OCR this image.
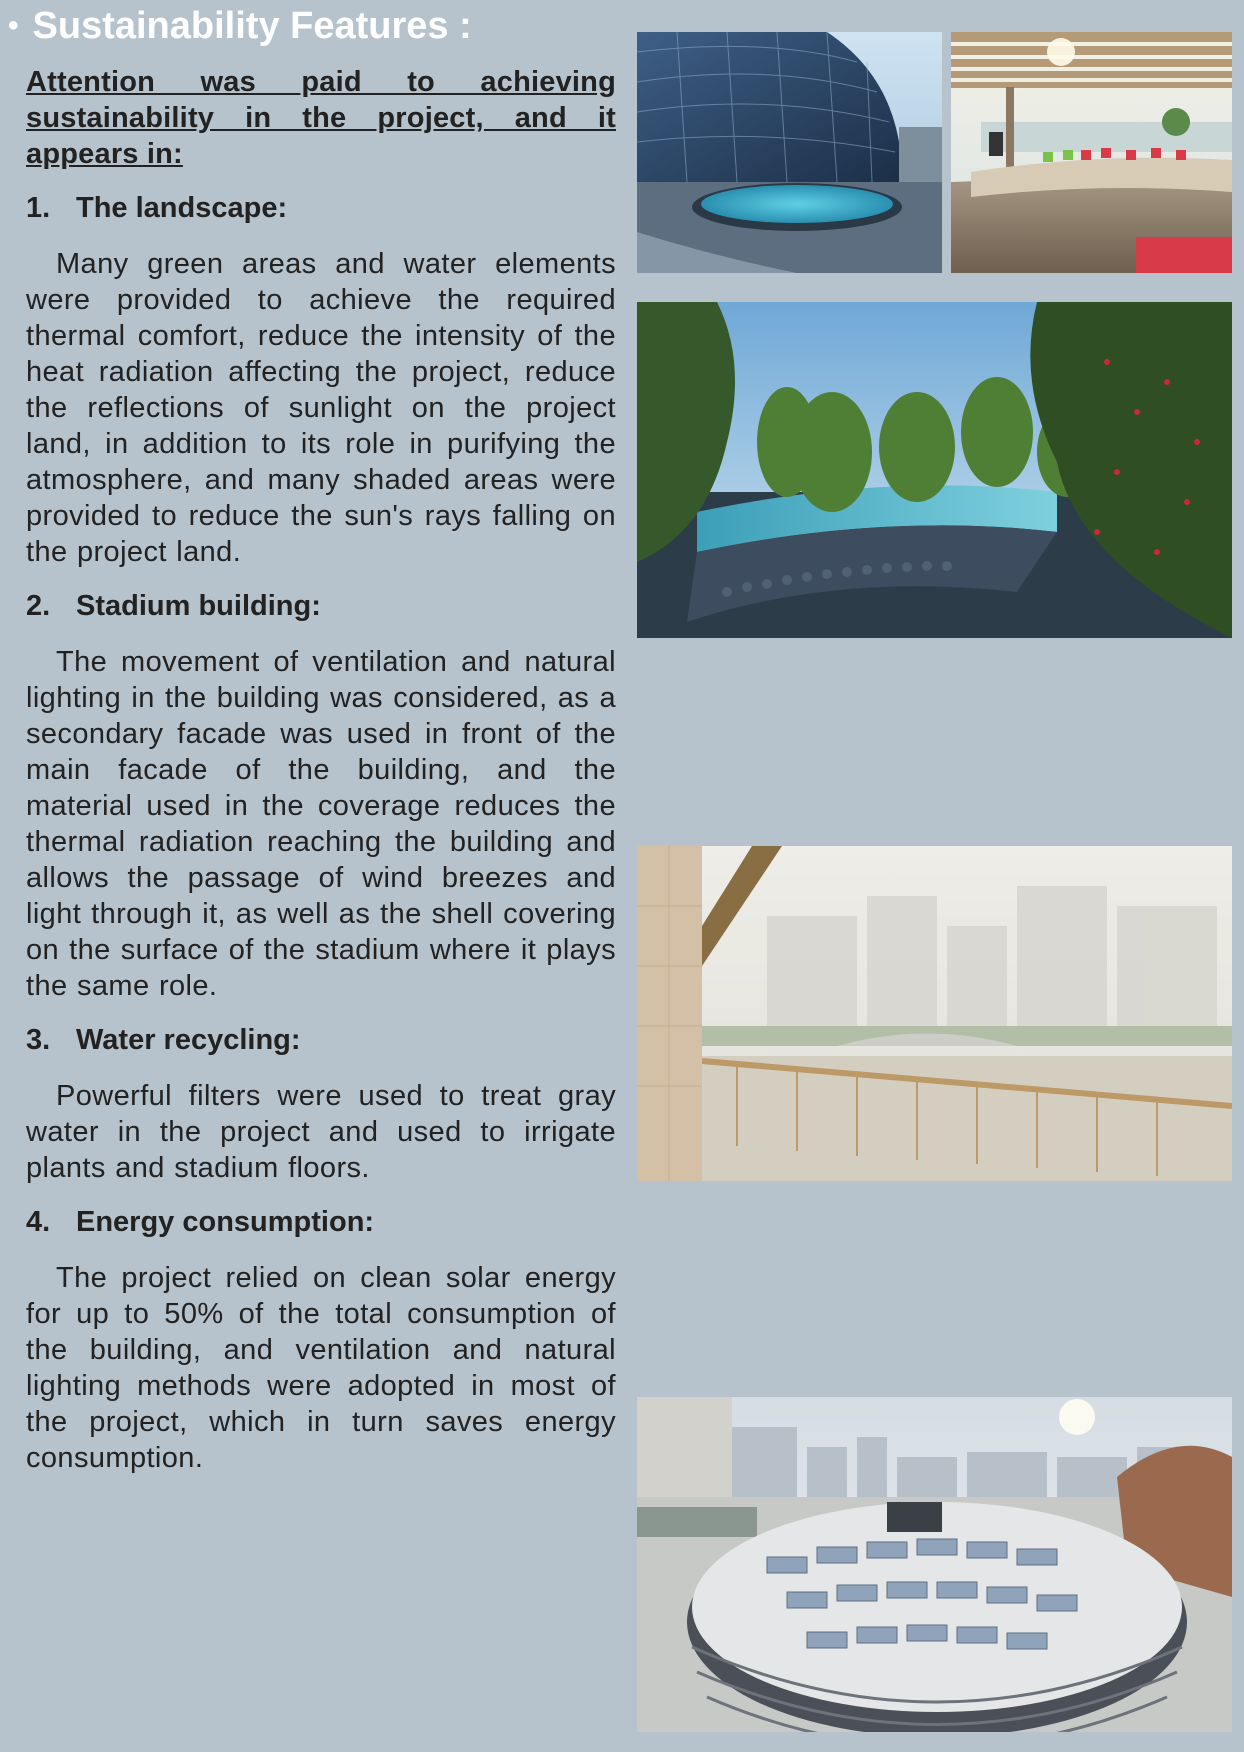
• Sustainability Features :

Attention was paid to achieving sustainability in the project, and it appears in:

1. The landscape:

Many green areas and water elements were provided to achieve the required thermal comfort, reduce the intensity of the heat radiation affecting the project, reduce the reflections of sunlight on the project land, in addition to its role in purifying the atmosphere, and many shaded areas were provided to reduce the sun's rays falling on the project land.

2. Stadium building:

The movement of ventilation and natural lighting in the building was considered, as a secondary facade was used in front of the main facade of the building, and the material used in the coverage reduces the thermal radiation reaching the building and allows the passage of wind breezes and light through it, as well as the shell covering on the surface of the stadium where it plays the same role.

3. Water recycling:

Powerful filters were used to treat gray water in the project and used to irrigate plants and stadium floors.

4. Energy consumption:

The project relied on clean solar energy for up to 50% of the total consumption of the building, and ventilation and natural lighting methods were adopted in most of the project, which in turn saves energy consumption.
